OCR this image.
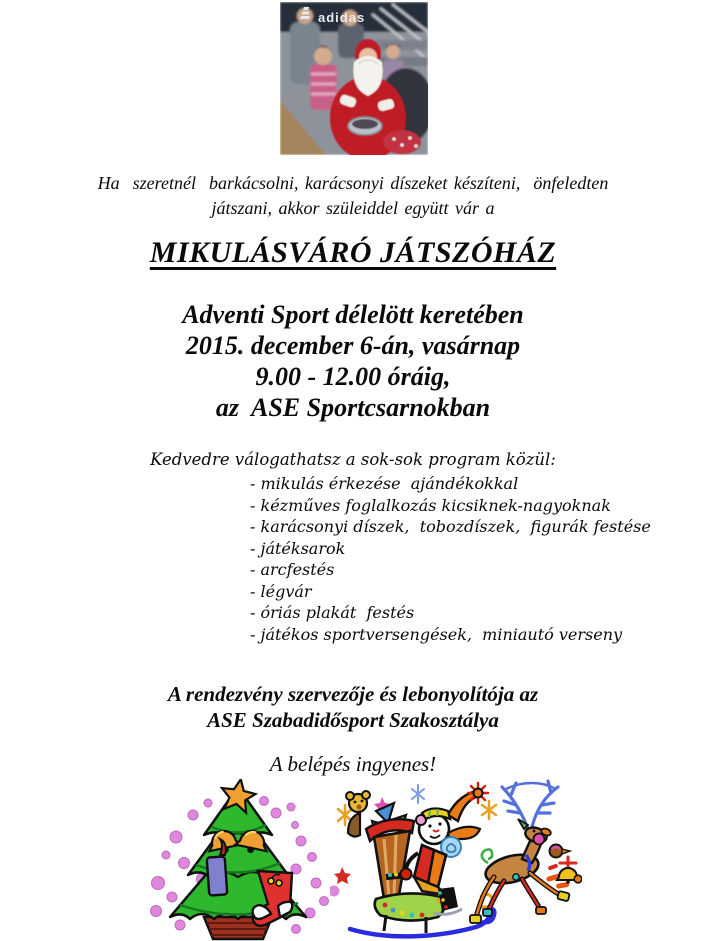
adidas
Ha  szeretnél  barkácsolni, karácsonyi díszeket készíteni,  önfeledten
játszani, akkor szüleiddel együtt vár a
MIKULÁSVÁRÓ JÁTSZÓHÁZ
Adventi Sport délelött keretében
2015. december 6-án, vasárnap
9.00 - 12.00 óráig,
az  ASE Sportcsarnokban
Kedvedre válogathatsz a sok-sok program közül:
- mikulás érkezése  ajándékokkal
- kézműves foglalkozás kicsiknek-nagyoknak
- karácsonyi díszek,  tobozdíszek,  figurák festése
- játéksarok
- arcfestés
- légvár
- óriás plakát  festés
- játékos sportversengések,  miniautó verseny
A rendezvény szervezője és lebonyolítója az
ASE Szabadidősport Szakosztálya
A belépés ingyenes!
